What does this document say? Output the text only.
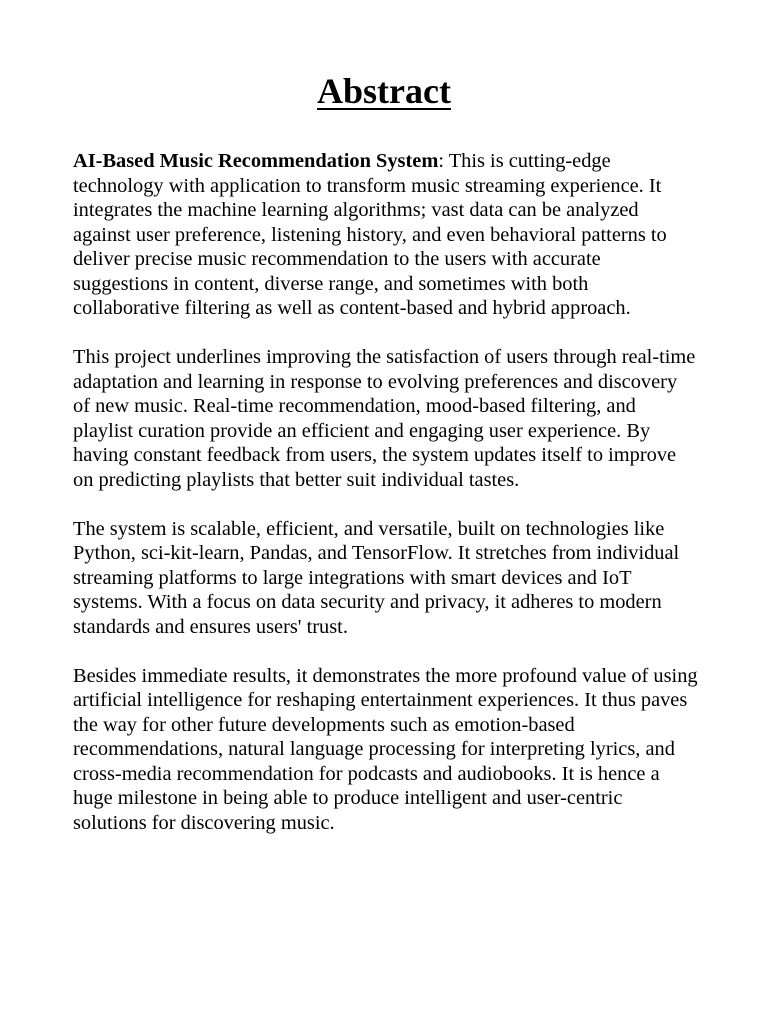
Abstract

AI-Based Music Recommendation System: This is cutting-edge technology with application to transform music streaming experience. It integrates the machine learning algorithms; vast data can be analyzed against user preference, listening history, and even behavioral patterns to deliver precise music recommendation to the users with accurate suggestions in content, diverse range, and sometimes with both collaborative filtering as well as content-based and hybrid approach.

This project underlines improving the satisfaction of users through real-time adaptation and learning in response to evolving preferences and discovery of new music. Real-time recommendation, mood-based filtering, and playlist curation provide an efficient and engaging user experience. By having constant feedback from users, the system updates itself to improve on predicting playlists that better suit individual tastes.

The system is scalable, efficient, and versatile, built on technologies like Python, sci-kit-learn, Pandas, and TensorFlow. It stretches from individual streaming platforms to large integrations with smart devices and IoT systems. With a focus on data security and privacy, it adheres to modern standards and ensures users' trust.

Besides immediate results, it demonstrates the more profound value of using artificial intelligence for reshaping entertainment experiences. It thus paves the way for other future developments such as emotion-based recommendations, natural language processing for interpreting lyrics, and cross-media recommendation for podcasts and audiobooks. It is hence a huge milestone in being able to produce intelligent and user-centric solutions for discovering music.
